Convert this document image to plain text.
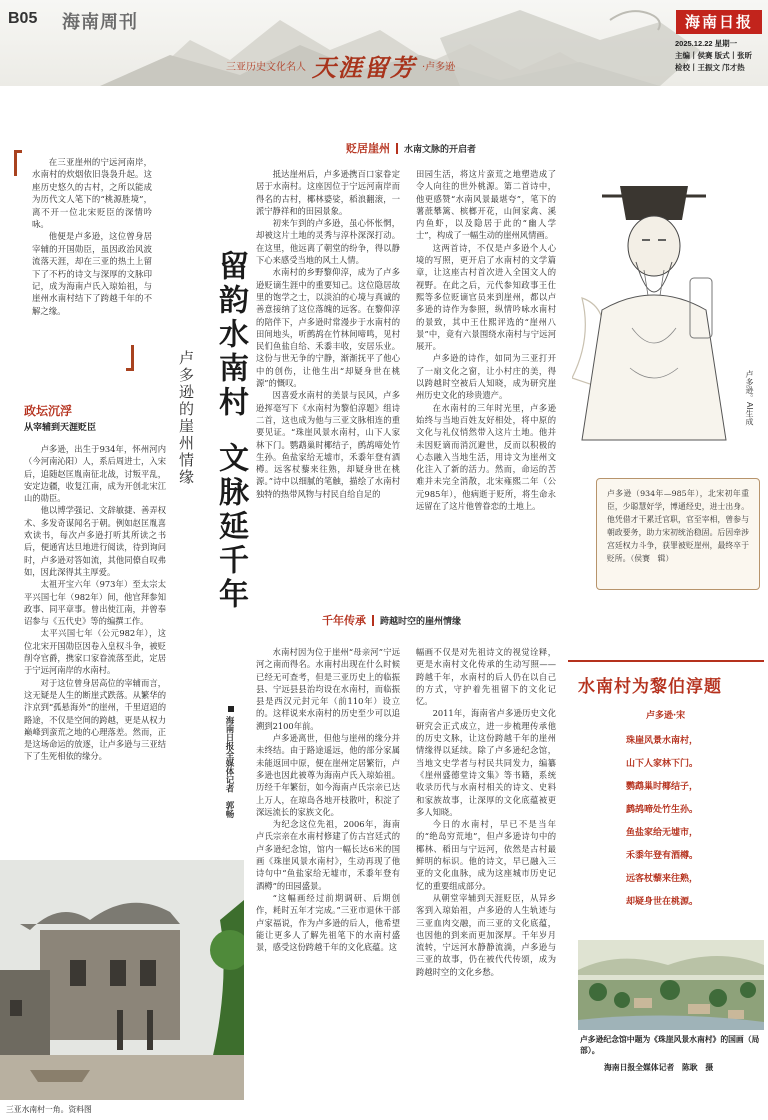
B05 海南周刊
三亚历史文化名人 天涯留芳 ·卢多逊
海南日报
2025.12.22 星期一
主编丨侯赛 版式丨张昕
检校丨王振文 邝才热

在三亚崖州的宁远河南岸，水南村的炊烟依旧袅袅升起。这座历史悠久的古村，之所以能成为历代文人笔下的“桃源胜境”，离不开一位北宋贬臣的深情吟咏。

他便是卢多逊，这位曾身居宰辅的开国勋臣，虽因政治风波流落天涯，却在三亚的热土上留下了不朽的诗文与深厚的文脉印记，成为海南卢氏入琼始祖，与崖州水南村结下了跨越千年的不解之缘。	留韵水南村文脉延千年
卢多逊的崖州情缘
海南日报全媒体记者　郭畅
政坛沉浮
从宰辅到天涯贬臣

卢多逊，出生于934年，怀州河内（今河南沁阳）人，系后周进士，入宋后，追随赵匡胤南征北战，讨叛平乱，安定边疆，收复江南，成为开创北宋江山的勋臣。

他以博学强记、文辞敏捷、善弄权术、多发奇谋闻名于朝。例如赵匡胤喜欢读书，每次卢多逊打听其所读之书后，便通宵达旦地进行阅读，待到询问时，卢多逊对答如流，其他同僚自叹弗如，因此深得其主厚爱。

太祖开宝六年（973年）至太宗太平兴国七年（982年）间，他官拜参知政事、同平章事。曾出使江南，并曾奉诏参与《五代史》等的编撰工作。

太平兴国七年（公元982年），这位北宋开国勋臣因卷入皇权斗争，被贬削夺官爵，携家口家眷流落至此，定居于宁远河南岸的水南村。

对于这位曾身居高位的宰辅而言，这无疑是人生的断崖式跌落。从繁华的汴京到“孤悬海外”的崖州，千里迢迢的路途，不仅是空间的跨越，更是从权力巅峰到蛮荒之地的心理落差。然而，正是这场命运的放逐，让卢多逊与三亚结下了生死相依的缘分。

贬居崖州 水南文脉的开启者

抵达崖州后，卢多逊携百口家眷定居于水南村。这座因位于宁远河南岸而得名的古村，椰林婆娑，稻浪翻滚，一派宁静祥和的田园景象。

初来乍到的卢多逊，虽心怀怅惘，却被这片土地的灵秀与淳朴深深打动。在这里，他远离了朝堂的纷争，得以静下心来感受当地的风土人情。

水南村的乡野黎仰淳，成为了卢多逊贬谪生涯中的重要知己。这位隐居故里的饱学之士，以淡泊的心境与真诚的善意接纳了这位落魄的远客。在黎仰淳的陪伴下，卢多逊时常漫步于水南村的田间地头，听鹧鸪在竹林间啼鸣，见村民们鱼盐自给、禾黍丰收，安居乐业。这份与世无争的宁静，渐渐抚平了他心中的创伤，让他生出“却疑身世在桃源”的慨叹。

因喜爱水南村的美景与民风，卢多逊挥毫写下《水南村为黎伯淳题》组诗二首，这也成为他与三亚文脉相连的重要见证。“珠崖风景水南村，山下人家林下门。鹦鹉巢时椰结子，鹧鸪啼处竹生孙。鱼盐家给无墟市，禾黍年登有酒樽。远客杖藜来往熟，却疑身世在桃源。”诗中以细腻的笔触，描绘了水南村独特的热带风物与村民自给自足的

田园生活，将这片蛮荒之地塑造成了令人向往的世外桃源。第二首诗中，他更感赞“水南风景最堪夸”，笔下的薯蔗攀篱、槟榔开花，山间家禽、溪内鱼虾，以及隐居于此的“幽人学士”，构成了一幅生动的崖州风情画。

这两首诗，不仅是卢多逊个人心境的写照，更开启了水南村的文学篇章，让这座古村首次进入全国文人的视野。在此之后，元代参知政事王仕熙等多位贬谪官员来到崖州，都以卢多逊的诗作为参照，纵情吟咏水南村的景致，其中王仕熙评选的“崖州八景”中，竟有六景围绕水南村与宁远河展开。

卢多逊的诗作，如同为三亚打开了一扇文化之窗，让小村庄的美，得以跨越时空被后人知晓，成为研究崖州历史文化的珍贵遗产。

在水南村的三年时光里，卢多逊始终与当地百姓友好相处，将中原的文化与礼仪悄然带入这片土地。他并未因贬谪而消沉避世，反而以积极的心态融入当地生活，用诗文为崖州文化注入了新的活力。然而，命运的苦难并未完全消散，北宋雍熙二年（公元985年），他病逝于贬所，将生命永远留在了这片他曾眷恋的土地上。

卢多逊。AI生成
卢多逊（934年—985年），北宋初年重臣，少聪慧好学，博通经史，进士出身。他凭借才干累迁官职，官至宰相，曾参与朝政要务，助力宋初统治稳固。后因牵涉宫廷权力斗争，获罪被贬崖州，最终卒于贬所。（侯赛　辑）
千年传承 跨越时空的崖州情缘

水南村因为位于崖州“母亲河”宁远河之南而得名。水南村出现在什么时候已经无可查考，但是三亚历史上的临振县、宁远县县治均设在水南村，而临振县是西汉元封元年（前110年）设立的。这样说来水南村的历史至少可以追溯到2100年前。

卢多逊离世，但他与崖州的缘分并未终结。由于路途遥远，他的部分家属未能返回中原，便在崖州定居繁衍，卢多逊也因此被尊为海南卢氏入琼始祖。历经千年繁衍，如今海南卢氏宗亲已达上万人，在琼岛各地开枝散叶，积淀了深远流长的家族文化。

为纪念这位先祖，2006年，海南卢氏宗亲在水南村修建了仿古宫廷式的卢多逊纪念馆，馆内一幅长达6米的国画《珠崖风景水南村》，生动再现了他诗句中“鱼盐家给无墟市，禾黍年登有酒樽”的田园盛景。

“这幅画经过前期调研、后期创作，耗时五年才完成。”三亚市退休干部卢家福说，作为卢多逊的后人，他希望能让更多人了解先祖笔下的水南村盛景，感受这份跨越千年的文化底蕴。这

幅画不仅是对先祖诗文的视觉诠释，更是水南村文化传承的生动写照——跨越千年，水南村的后人仍在以自己的方式，守护着先祖留下的文化记忆。

2011年，海南省卢多逊历史文化研究会正式成立，进一步梳理传承他的历史文脉，让这份跨越千年的崖州情缘得以延续。除了卢多逊纪念馆，当地文史学者与村民共同发力，编纂《崖州盛德堂诗文集》等书籍，系统收录历代与水南村相关的诗文、史料和家族故事，让深厚的文化底蕴被更多人知晓。

今日的水南村，早已不是当年的“绝岛穷荒地”，但卢多逊诗句中的椰林、稻田与宁远河，依然是古村最鲜明的标识。他的诗文，早已融入三亚的文化血脉，成为这座城市历史记忆的重要组成部分。

从朝堂宰辅到天涯贬臣，从异乡客到入琼始祖，卢多逊的人生轨迹与三亚血肉交融，而三亚的文化底蕴，也因他的到来而更加深厚。千年岁月流转，宁远河水静静流淌，卢多逊与三亚的故事，仍在被代代传颂，成为跨越时空的文化乡愁。

水南村为黎伯淳题
卢多逊·宋
珠崖风景水南村，
山下人家林下门。
鹦鹉巢时椰结子，
鹧鸪啼处竹生孙。
鱼盐家给无墟市，
禾黍年登有酒樽。
远客杖藜来往熟，
却疑身世在桃源。
卢多逊纪念馆中题为《珠崖风景水南村》的国画（局部）。
海南日报全媒体记者　陈耿　摄
三亚水南村一角。资料图
